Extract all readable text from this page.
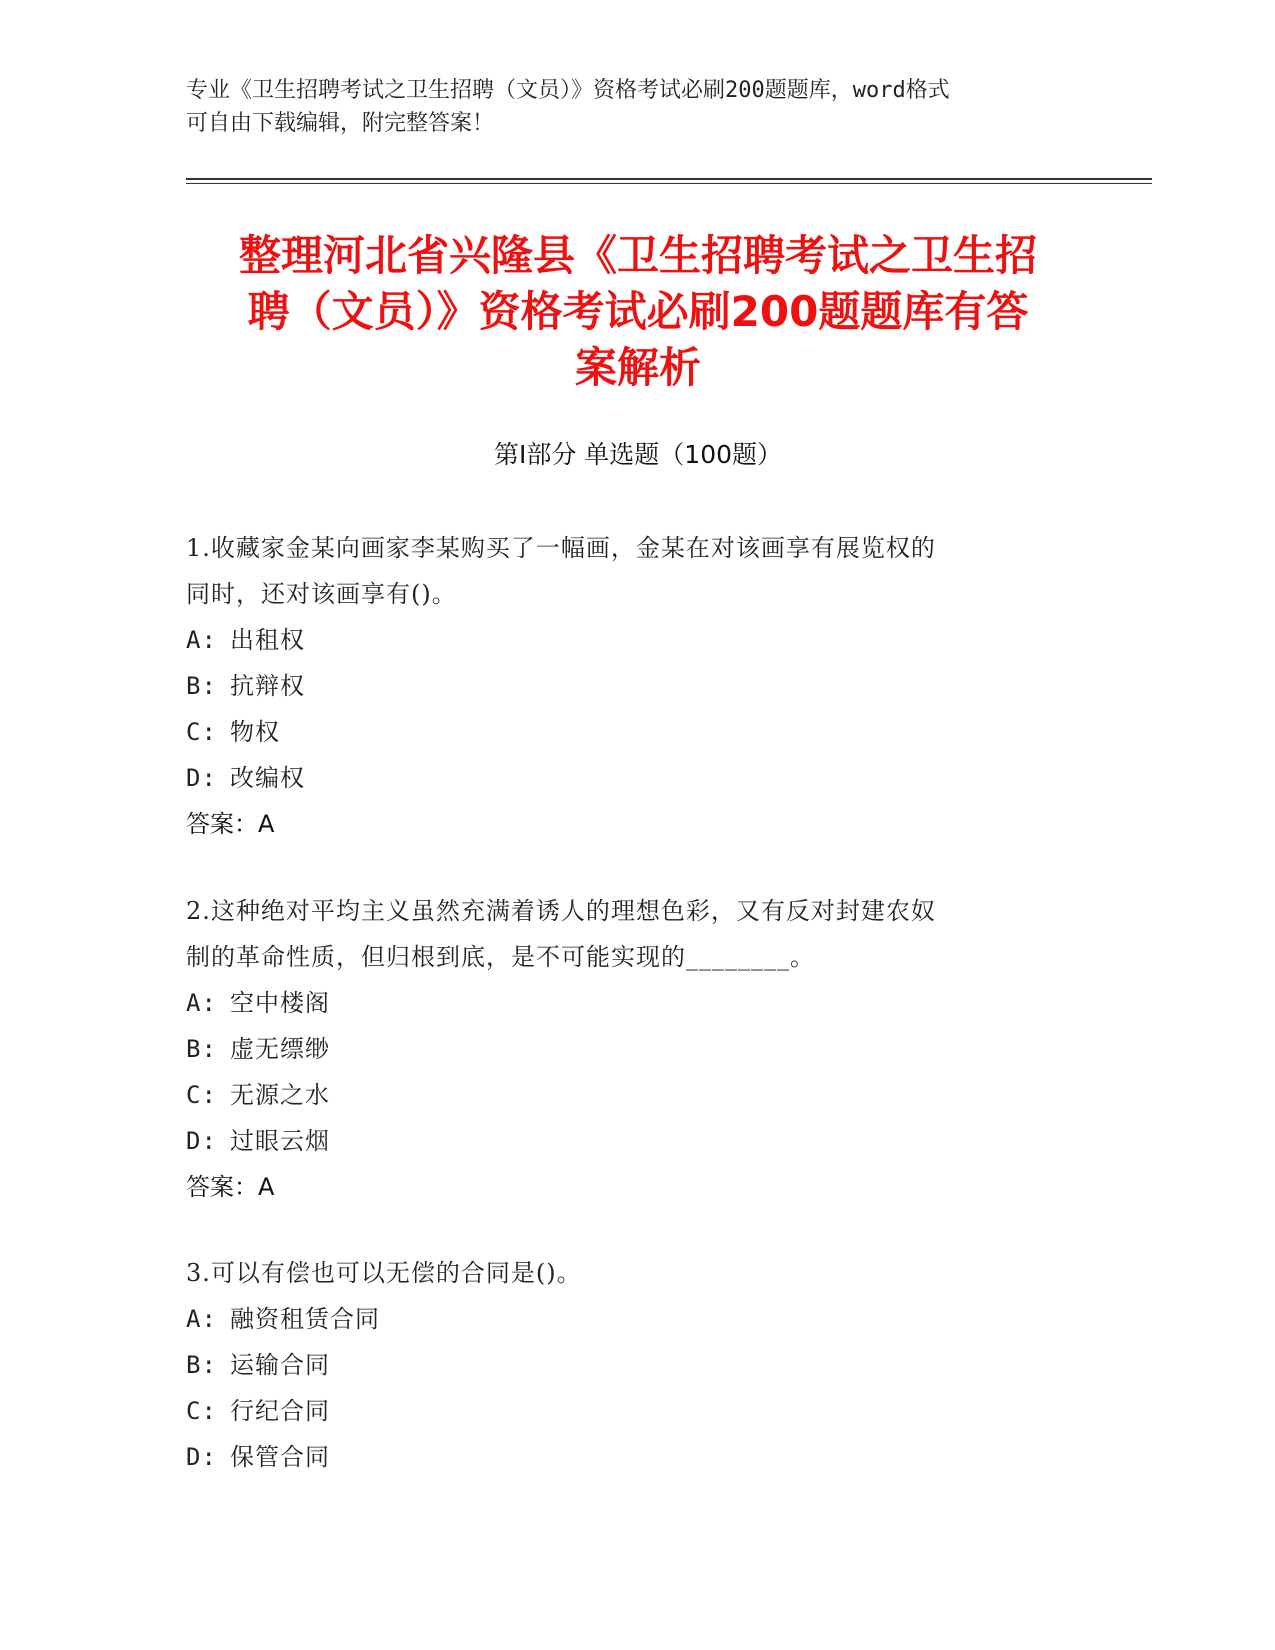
专业《卫生招聘考试之卫生招聘（文员）》资格考试必刷200题题库，word格式
可自由下载编辑，附完整答案！
整理河北省兴隆县《卫生招聘考试之卫生招
聘（文员）》资格考试必刷200题题库有答
案解析
第Ⅰ部分 单选题（100题）
1.收藏家金某向画家李某购买了一幅画，金某在对该画享有展览权的
同时，还对该画享有()。
A: 出租权
B: 抗辩权
C: 物权
D: 改编权
答案：A
2.这种绝对平均主义虽然充满着诱人的理想色彩，又有反对封建农奴
制的革命性质，但归根到底，是不可能实现的________。
A: 空中楼阁
B: 虚无缥缈
C: 无源之水
D: 过眼云烟
答案：A
3.可以有偿也可以无偿的合同是()。
A: 融资租赁合同
B: 运输合同
C: 行纪合同
D: 保管合同
